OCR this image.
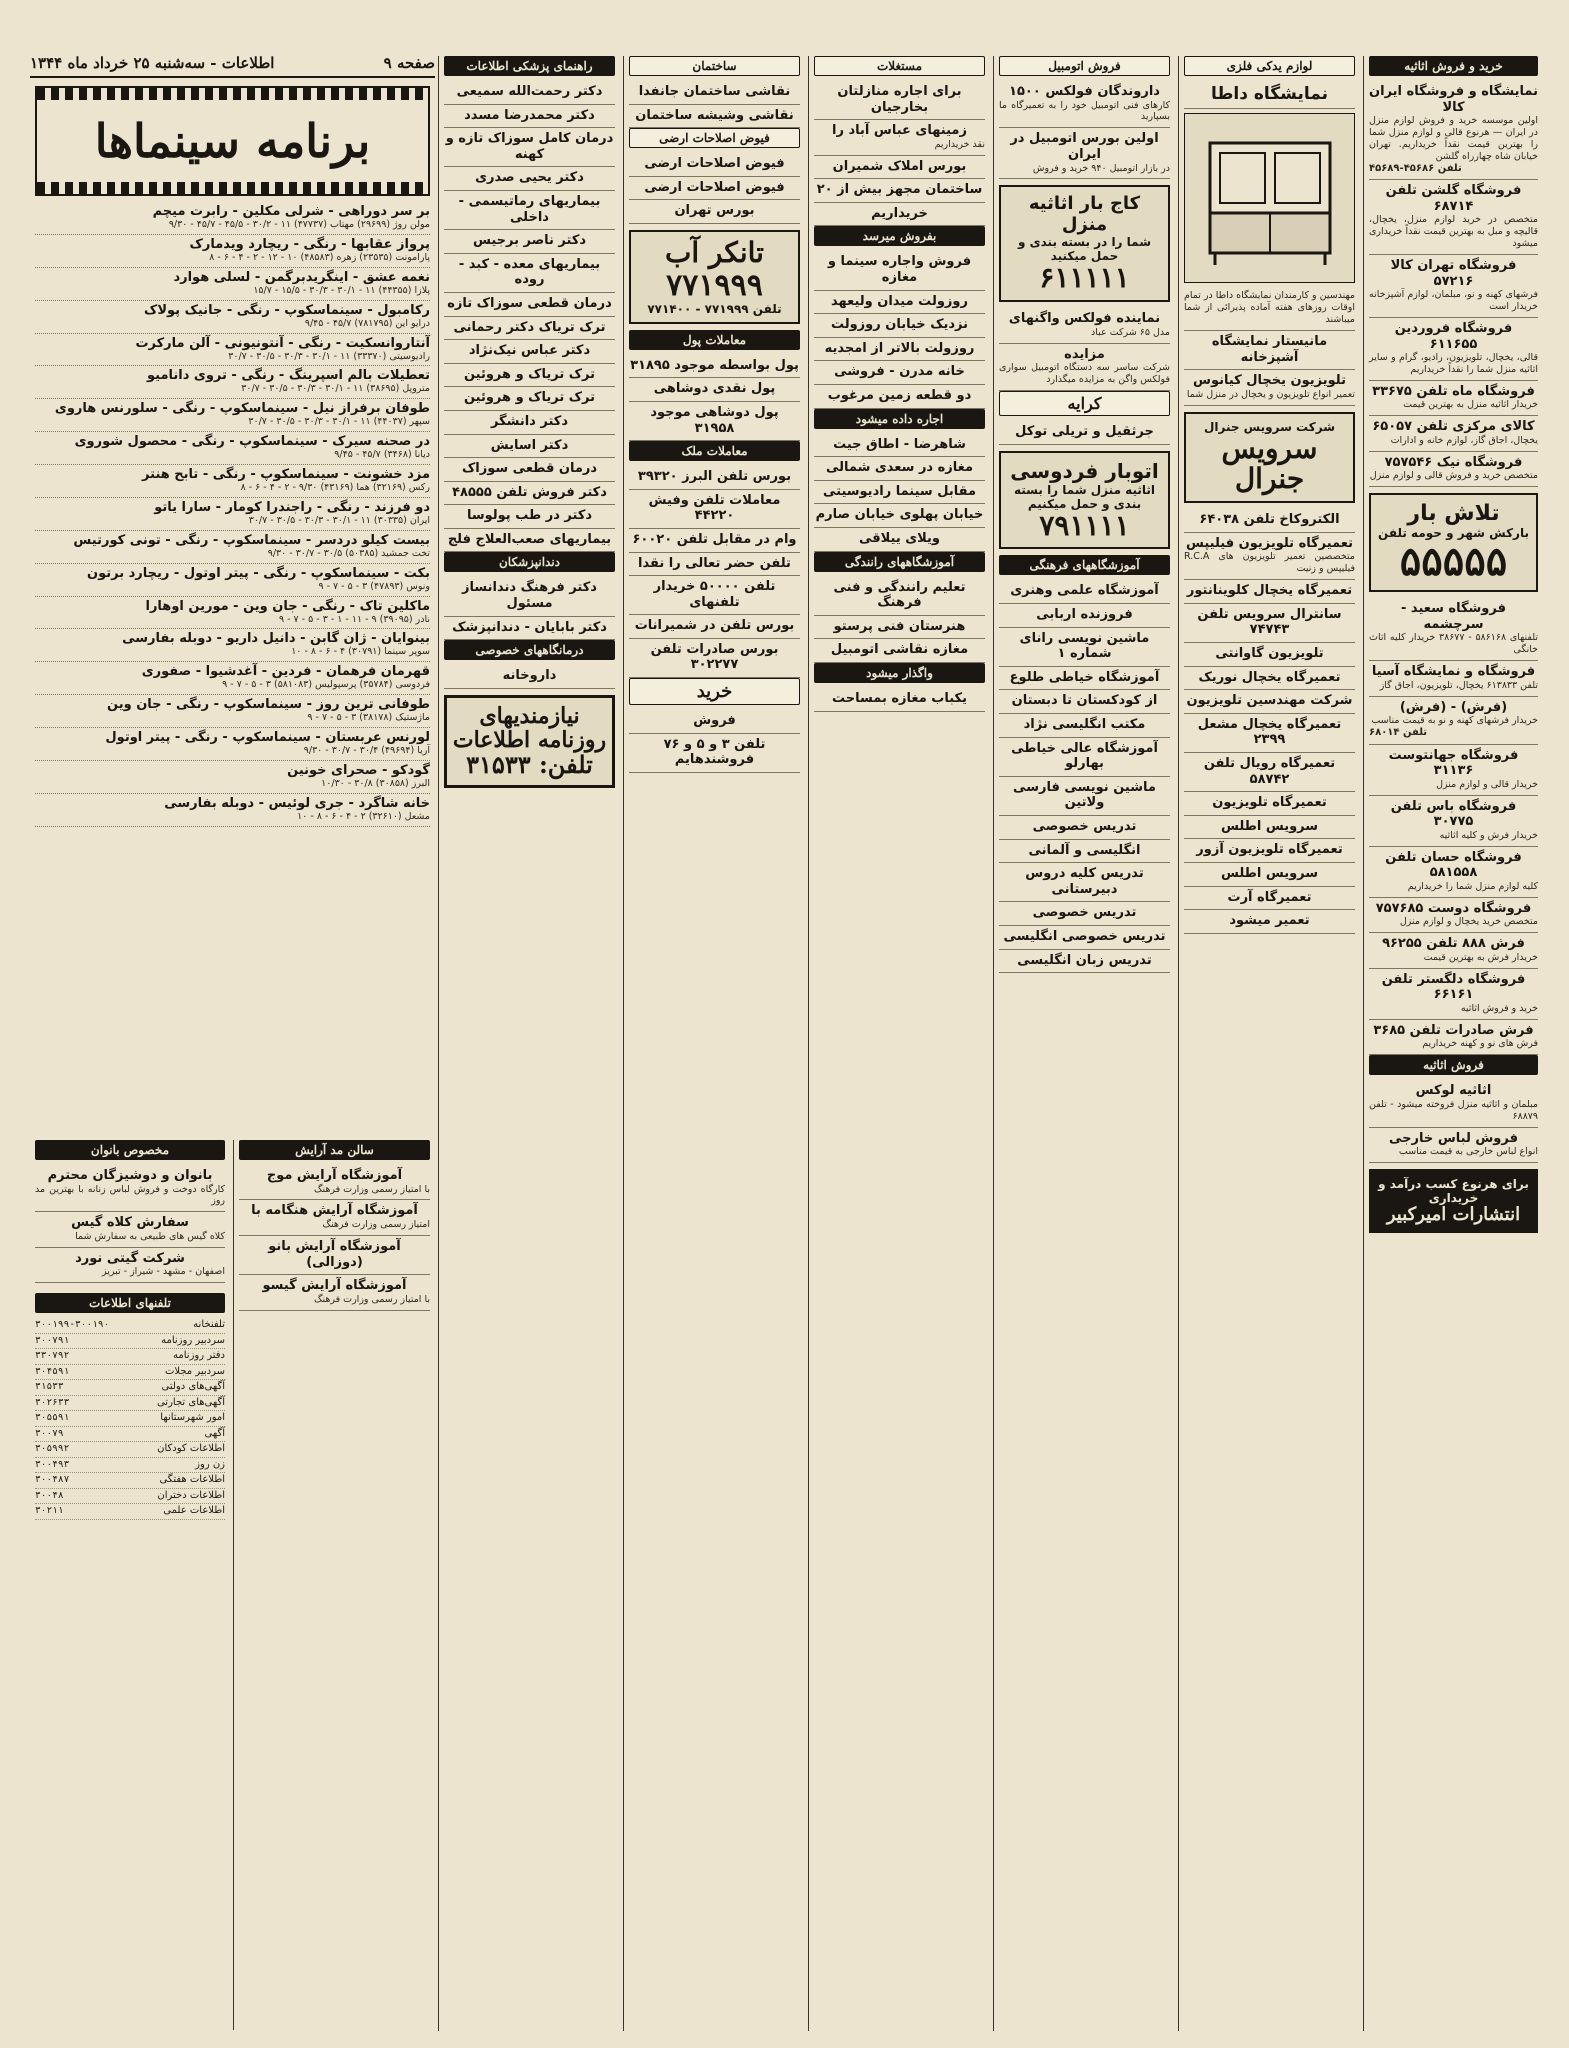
صفحه ۹
اطلاعات - سه‌شنبه ۲۵ خرداد ماه ۱۳۴۴	خرید و فروش اثاثیه
نمایشگاه و فروشگاه ایران کالا

اولین موسسه خرید و فروش لوازم منزل در ایران — هرنوع قالی و لوازم منزل شما را بهترین قیمت نقداً خریداریم. تهران خیابان شاه چهارراه گلشن

تلفن ۴۵۶۸۶-۴۵۶۸۹

فروشگاه گلشن تلفن ۶۸۷۱۴

متخصص در خرید لوازم منزل، یخچال، قالیچه و مبل به بهترین قیمت نقداً خریداری میشود

فروشگاه تهران کالا ۵۷۲۱۶

فرشهای کهنه و نو، مبلمان، لوازم آشپزخانه خریدار است

فروشگاه فروردین ۶۱۱۶۵۵

قالی، یخچال، تلویزیون، رادیو، گرام و سایر اثاثیه منزل شما را نقداً خریداریم

فروشگاه ماه تلفن ۳۳۶۷۵

خریدار اثاثیه منزل به بهترین قیمت

کالای مرکزی تلفن ۶۵۰۵۷

یخچال، اجاق گاز، لوازم خانه و ادارات

فروشگاه نیک ۷۵۷۵۴۶

متخصص خرید و فروش قالی و لوازم منزل

تلاش بار
بارکش شهر و حومه تلفن
۵۵۵۵۵
فروشگاه سعید - سرچشمه

تلفنهای ۵۸۶۱۶۸ - ۳۸۶۷۷ خریدار کلیه اثاث خانگی

فروشگاه و نمایشگاه آسیا

تلفن ۶۱۳۸۳۳ یخچال، تلویزیون، اجاق گاز

(فرش) - (فرش)

خریدار فرشهای کهنه و نو به قیمت مناسب

تلفن ۶۸۰۱۴

فروشگاه جهانتوست ۳۱۱۳۶

خریدار قالی و لوازم منزل

فروشگاه باس تلفن ۳۰۷۷۵

خریدار فرش و کلیه اثاثیه

فروشگاه حسان تلفن ۵۸۱۵۵۸

کلیه لوازم منزل شما را خریداریم

فروشگاه دوست ۷۵۷۶۸۵

متخصص خرید یخچال و لوازم منزل

فرش ۸۸۸ تلفن ۹۶۲۵۵

خریدار فرش به بهترین قیمت

فروشگاه دلگستر تلفن ۶۶۱۶۱

خرید و فروش اثاثیه

فرش صادرات تلفن ۳۶۸۵

فرش های نو و کهنه خریداریم

فروش اثاثیه
اثاثیه لوکس

مبلمان و اثاثیه منزل فروخته میشود - تلفن ۶۸۸۷۹

فروش لباس خارجی

انواع لباس خارجی به قیمت مناسب

برای هرنوع کسب درآمد و خریداری
انتشارات امیرکبیر
لوازم یدکی فلزی
نمایشگاه داطا

مهندسین و کارمندان نمایشگاه داطا در تمام اوقات روزهای هفته آماده پذیرائی از شما میباشند

مانیستار نمایشگاه آشپزخانه
تلویزیون یخچال کیانوس

تعمیر انواع تلویزیون و یخچال در منزل شما

شرکت سرویس جنرال
سرویس جنرال
الکتروکاخ تلفن ۶۴۰۳۸
تعمیرگاه تلویزیون فیلیپس

متخصصین تعمیر تلویزیون های R.C.A فیلیپس و زنیت

تعمیرگاه یخچال کلوینانتور
سانترال سرویس تلفن ۷۴۷۴۳
تلویزیون گاوانتی
تعمیرگاه یخچال نوریک
شرکت مهندسین تلویزیون
تعمیرگاه یخچال مشعل ۲۳۹۹
تعمیرگاه رویال تلفن ۵۸۷۴۲
تعمیرگاه تلویزیون
سرویس اطلس
تعمیرگاه تلویزیون آزور
سرویس اطلس
تعمیرگاه آرت
تعمیر میشود
فروش اتومبیل
داروندگان فولکس ۱۵۰۰

کارهای فنی اتومبیل خود را به تعمیرگاه ما بسپارید

اولین بورس اتومبیل در ایران

در بازار اتومبیل ۹۴۰ خرید و فروش

کاج بار اثاثیه منزل
شما را در بسته بندی و حمل میکنید
۶۱۱۱۱۱
نماینده فولکس واگنهای

مدل ۶۵ شرکت عباد

مزایده

شرکت ساسر سه دستگاه اتومبیل سواری فولکس واگن به مزایده میگذارد

کرایه
جرثقیل و تریلی توکل
اتوبار فردوسی
اثاثیه منزل شما را بسته بندی و حمل میکنیم
۷۹۱۱۱۱
آموزشگاههای فرهنگی
آموزشگاه علمی وهنری
فروزنده اربابی
ماشین نویسی رانای شماره ۱
آموزشگاه خیاطی طلوع
از کودکستان تا دبستان
مکتب انگلیسی نژاد
آموزشگاه عالی خیاطی بهارلو
ماشین نویسی فارسی ولاتین
تدریس خصوصی
انگلیسی و آلمانی
تدریس کلیه دروس دبیرستانی
تدریس خصوصی
تدریس خصوصی انگلیسی
تدریس زبان انگلیسی
مستغلات
برای اجاره منازلتان بخارجیان
زمینهای عباس آباد را

نقد خریداریم

بورس املاک شمیران
ساختمان مجهز بیش از ۲۰
خریداریم
بفروش میرسد
فروش واجاره سینما و مغازه
روزولت میدان ولیعهد
نزدیک خیابان روزولت
روزولت بالاتر از امجدیه
خانه مدرن - فروشی
دو قطعه زمین مرغوب
اجاره داده میشود
شاهرضا - اطاق جیت
مغازه در سعدی شمالی
مقابل سینما رادیوسیتی
خیابان پهلوی خیابان صارم
ویلای ییلاقی
آموزشگاههای رانندگی
تعلیم رانندگی و فنی فرهنگ
هنرستان فنی پرستو
مغازه نقاشی اتومبیل
واگذار میشود
یکباب مغازه بمساحت
ساختمان
نقاشی ساختمان جانفدا
نقاشی وشیشه ساختمان
فیوض اصلاحات ارضی
فیوض اصلاحات ارضی
فیوض اصلاحات ارضی
بورس تهران
تانکر آب
۷۷۱۹۹۹
تلفن ۷۷۱۹۹۹ - ۷۷۱۴۰۰
معاملات پول
پول بواسطه موجود ۳۱۸۹۵
پول نقدی دوشاهی
پول دوشاهی موجود ۳۱۹۵۸
معاملات ملک
بورس تلفن البرز ۳۹۳۲۰
معاملات تلفن وفیش ۴۴۲۲۰
وام در مقابل تلفن ۶۰۰۲۰
تلفن حضر تعالی را نقدا
تلفن ۵۰۰۰۰ خریدار تلفنهای
بورس تلفن در شمیرانات
بورس صادرات تلفن ۳۰۲۲۷۷
خرید
فروش
تلفن ۳ و ۵ و ۷۶ فروشندهایم
راهنمای پزشکی اطلاعات
دکتر رحمت‌الله سمیعی
دکتر محمدرضا مسدد
درمان کامل سوزاک تازه و کهنه
دکتر یحیی صدری
بیماریهای رماتیسمی - داخلی
دکتر ناصر برجیس
بیماریهای معده - کبد - روده
درمان قطعی سوزاک تازه
ترک تریاک دکتر رحمانی
دکتر عباس نیک‌نژاد
ترک تریاک و هروئین
ترک تریاک و هروئین
دکتر دانشگر
دکتر اسایش
درمان قطعی سوزاک
دکتر فروش تلفن ۴۸۵۵۵
دکتر در طب پولوسا
بیماریهای صعب‌العلاج فلج
دندانپزشکان
دکتر فرهنگ دندانساز مسئول
دکتر بابایان - دندانپزشک
درمانگاههای خصوصی
داروخانه
نیازمندیهای
روزنامه اطلاعات
تلفن: ۳۱۵۳۳
برنامه سینماها
بر سر دوراهی - شرلی مکلین - رابرت میچم
مولن روژ (۲۹۶۹۹) مهتاب (۴۷۷۳۷) ۱۱ - ۳۰/۲ - ۴۵/۵ - ۴۵/۷ - ۹/۳۰
پرواز عقابها - رنگی - ریچارد ویدمارک
پارامونت (۲۳۵۳۵) زهره (۴۸۵۸۳) ۱۰ - ۱۲ - ۲ - ۴ - ۶ - ۸
نغمه عشق - اینگریدبرگمن - لسلی هوارد
پلازا (۴۴۳۵۵) ۱۱ - ۳۰/۱ - ۳۰/۳ - ۱۵/۵ - ۱۵/۷
رکامبول - سینماسکوپ - رنگی - جانیک پولاک
درایو این (۷۸۱۷۹۵) ۴۵/۷ - ۹/۴۵
آنتاروانسکیت - رنگی - آنتونیونی - آلن مارکرت
رادیوسیتی (۳۳۳۷۰) ۱۱ - ۳۰/۱ - ۳۰/۳ - ۳۰/۵ - ۳۰/۷
تعطیلات بالم اسپرینگ - رنگی - تروی دانامیو
متروپل (۳۸۶۹۵) ۱۱ - ۳۰/۱ - ۳۰/۳ - ۳۰/۵ - ۳۰/۷
طوفان برفراز نیل - سینماسکوپ - رنگی - سلورنس هاروی
سپهر (۴۴۰۳۷) ۱۱ - ۳۰/۱ - ۳۰/۳ - ۳۰/۵ - ۳۰/۷
در صحنه سیرک - سینماسکوپ - رنگی - محصول شوروی
دیانا (۳۴۶۸) ۴۵/۷ - ۹/۴۵
مزد خشونت - سینماسکوپ - رنگی - تابح هنتر
رکس (۳۲۱۶۹) هما (۴۳۱۶۹) ۹/۳۰ - ۲ - ۴ - ۶ - ۸
دو فرزند - رنگی - راجندرا کومار - سارا یاتو
ایران (۳۰۳۳۵) ۱۱ - ۳۰/۱ - ۳۰/۳ - ۳۰/۵ - ۳۰/۷
بیست کیلو دردسر - سینماسکوپ - رنگی - تونی کورتیس
تخت جمشید (۵۰۳۸۵) ۳۰/۵ - ۳۰/۷ - ۹/۳۰
بکت - سینماسکوپ - رنگی - پیتر اوتول - ریچارد برتون
ونوس (۴۷۸۹۳) ۳ - ۵ - ۷ - ۹
ماکلین تاک - رنگی - جان وین - مورین اوهارا
نادر (۳۹۰۹۵) ۹ - ۱۱ - ۱ - ۳ - ۵ - ۷ - ۹
بینوایان - ژان گابن - دانیل داریو - دوبله بفارسی
سوپر سینما (۳۰۷۹۱) ۴ - ۶ - ۸ - ۱۰
قهرمان فرهمان - فردین - آغدشیوا - صفوری
فردوسی (۳۵۷۸۴) پرسپولیس (۵۸۱۰۸۳) ۳ - ۵ - ۷ - ۹
طوفانی ترین روز - سینماسکوپ - رنگی - جان وین
ماژستیک (۳۸۱۷۸) ۳ - ۵ - ۷ - ۹
لورنس عربستان - سینماسکوپ - رنگی - پیتر اوتول
آریا (۴۹۶۹۴) ۳۰/۴ - ۳۰/۷ - ۹/۳۰
گودکو - صحرای خونین
البرز (۳۰۸۵۸) ۳۰/۸ - ۱۰/۳۰
خانه شاگرد - جری لوئیس - دوبله بفارسی
مشعل (۳۲۶۱۰) ۲ - ۴ - ۶ - ۸ - ۱۰
مخصوص بانوان
بانوان و دوشیزگان محترم

کارگاه دوخت و فروش لباس زنانه با بهترین مد روز

سفارش کلاه گیس

کلاه گیس های طبیعی به سفارش شما

شرکت گیتی نورد

اصفهان - مشهد - شیراز - تبریز

تلفنهای اطلاعات
تلفنخانه
۳۰۰۱۹۹-۳۰۰۱۹۰
سردبیر روزنامه
۳۰۰۷۹۱
دفتر روزنامه
۳۳۰۷۹۲
سردبیر مجلات
۳۰۴۵۹۱
آگهی‌های دولتی
۳۱۵۳۳
آگهی‌های تجارتی
۳۰۲۶۳۳
امور شهرستانها
۳۰۵۵۹۱
آگهی
۳۰۰۷۹
اطلاعات کودکان
۳۰۵۹۹۲
زن روز
۳۰۰۴۹۳
اطلاعات هفتگی
۳۰۰۴۸۷
اطلاعات دختران
۳۰۰۴۸
اطلاعات علمی
۳۰۲۱۱
سالن مد آرایش
آموزشگاه آرایش موج

با امتیاز رسمی وزارت فرهنگ

آموزشگاه آرایش هنگامه با

امتیاز رسمی وزارت فرهنگ

آموزشگاه آرایش بانو (دوزالی)
آموزشگاه آرایش گیسو

با امتیاز رسمی وزارت فرهنگ
